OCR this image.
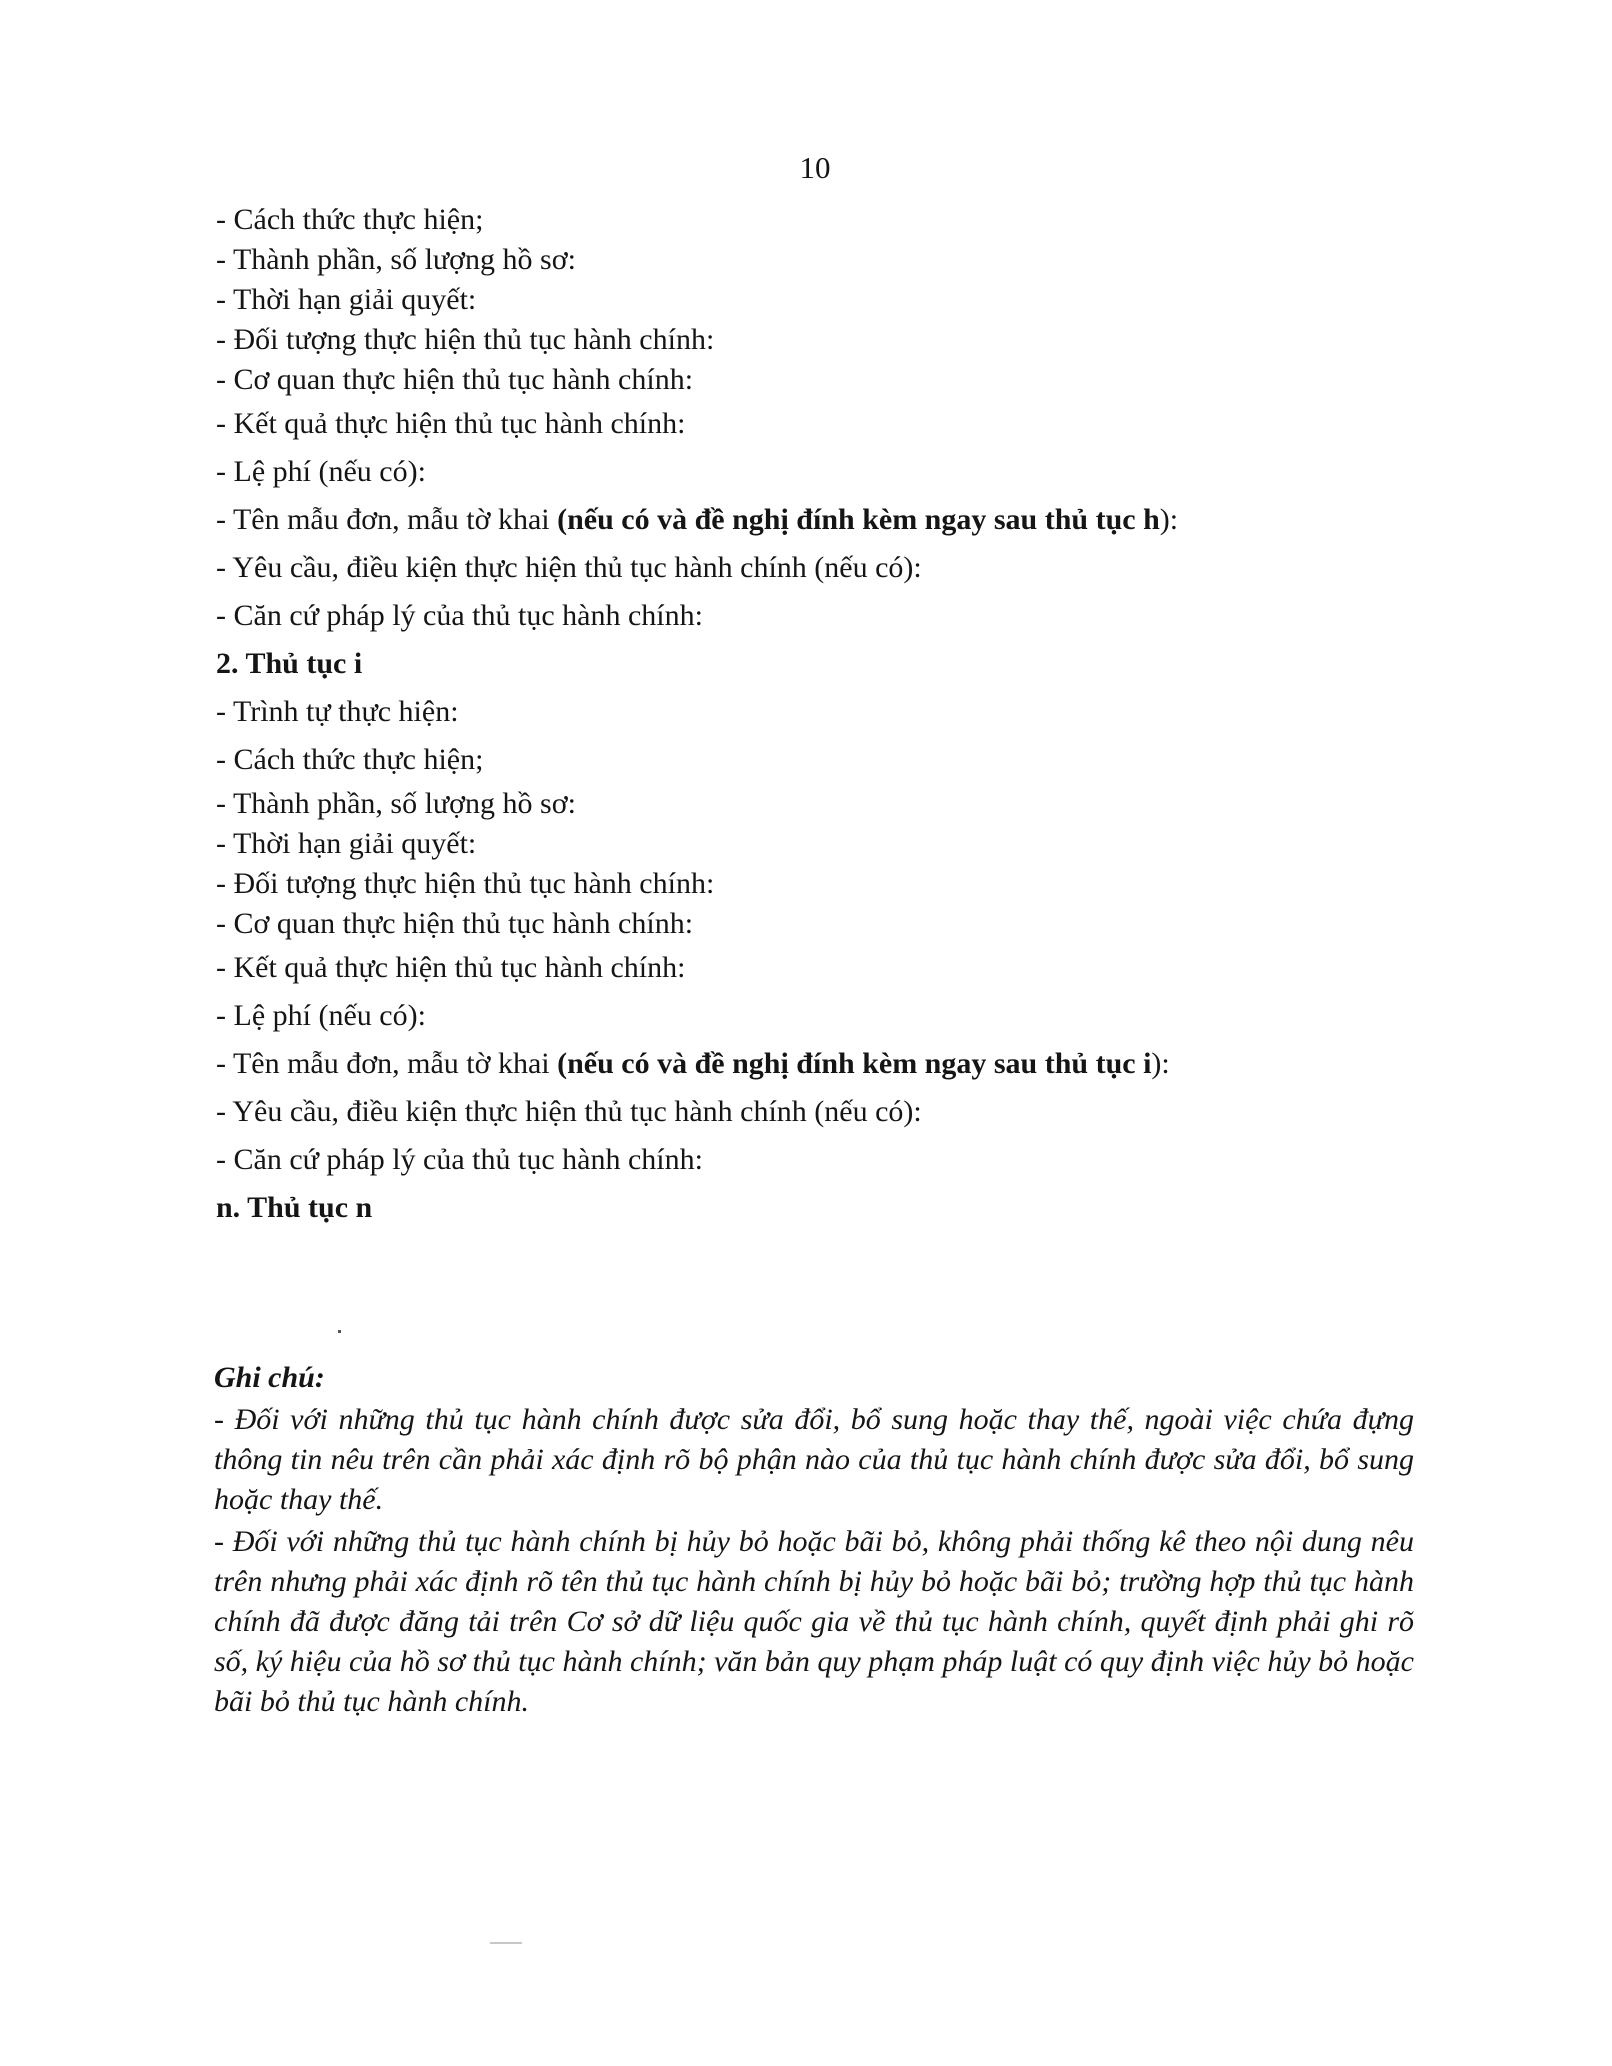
10
- Cách thức thực hiện;
- Thành phần, số lượng hồ sơ:
- Thời hạn giải quyết:
- Đối tượng thực hiện thủ tục hành chính:
- Cơ quan thực hiện thủ tục hành chính:
- Kết quả thực hiện thủ tục hành chính:
- Lệ phí (nếu có):
- Tên mẫu đơn, mẫu tờ khai (nếu có và đề nghị đính kèm ngay sau thủ tục h):
- Yêu cầu, điều kiện thực hiện thủ tục hành chính (nếu có):
- Căn cứ pháp lý của thủ tục hành chính:
2. Thủ tục i
- Trình tự thực hiện:
- Cách thức thực hiện;
- Thành phần, số lượng hồ sơ:
- Thời hạn giải quyết:
- Đối tượng thực hiện thủ tục hành chính:
- Cơ quan thực hiện thủ tục hành chính:
- Kết quả thực hiện thủ tục hành chính:
- Lệ phí (nếu có):
- Tên mẫu đơn, mẫu tờ khai (nếu có và đề nghị đính kèm ngay sau thủ tục i):
- Yêu cầu, điều kiện thực hiện thủ tục hành chính (nếu có):
- Căn cứ pháp lý của thủ tục hành chính:
n. Thủ tục n
Ghi chú:
- Đối với những thủ tục hành chính được sửa đổi, bổ sung hoặc thay thế, ngoài việc chứa đựng thông tin nêu trên cần phải xác định rõ bộ phận nào của thủ tục hành chính được sửa đổi, bổ sung hoặc thay thế.
- Đối với những thủ tục hành chính bị hủy bỏ hoặc bãi bỏ, không phải thống kê theo nội dung nêu trên nhưng phải xác định rõ tên thủ tục hành chính bị hủy bỏ hoặc bãi bỏ; trường hợp thủ tục hành chính đã được đăng tải trên Cơ sở dữ liệu quốc gia về thủ tục hành chính, quyết định phải ghi rõ số, ký hiệu của hồ sơ thủ tục hành chính; văn bản quy phạm pháp luật có quy định việc hủy bỏ hoặc bãi bỏ thủ tục hành chính.
